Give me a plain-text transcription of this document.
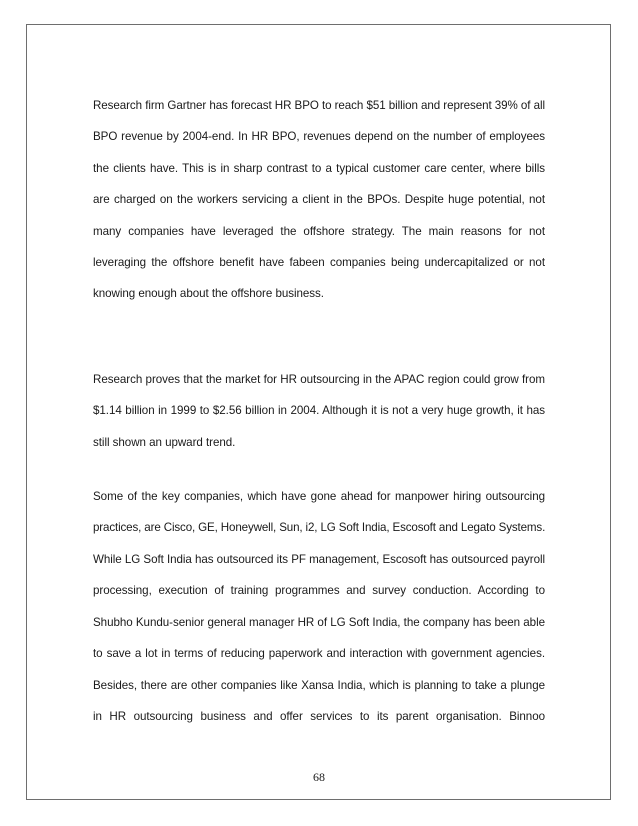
Research firm Gartner has forecast HR BPO to reach $51 billion and represent 39% of all
BPO revenue by 2004-end. In HR BPO, revenues depend on the number of employees
the clients have. This is in sharp contrast to a typical customer care center, where bills
are charged on the workers servicing a client in the BPOs. Despite huge potential, not
many companies have leveraged the offshore strategy. The main reasons for not
leveraging the offshore benefit have fabeen companies being undercapitalized or not
knowing enough about the offshore business.

Research proves that the market for HR outsourcing in the APAC region could grow from
$1.14 billion in 1999 to $2.56 billion in 2004. Although it is not a very huge growth, it has
still shown an upward trend.

Some of the key companies, which have gone ahead for manpower hiring outsourcing
practices, are Cisco, GE, Honeywell, Sun, i2, LG Soft India, Escosoft and Legato Systems.
While LG Soft India has outsourced its PF management, Escosoft has outsourced payroll
processing, execution of training programmes and survey conduction. According to
Shubho Kundu-senior general manager HR of LG Soft India, the company has been able
to save a lot in terms of reducing paperwork and interaction with government agencies.
Besides, there are other companies like Xansa India, which is planning to take a plunge
in HR outsourcing business and offer services to its parent organisation. Binnoo

68
